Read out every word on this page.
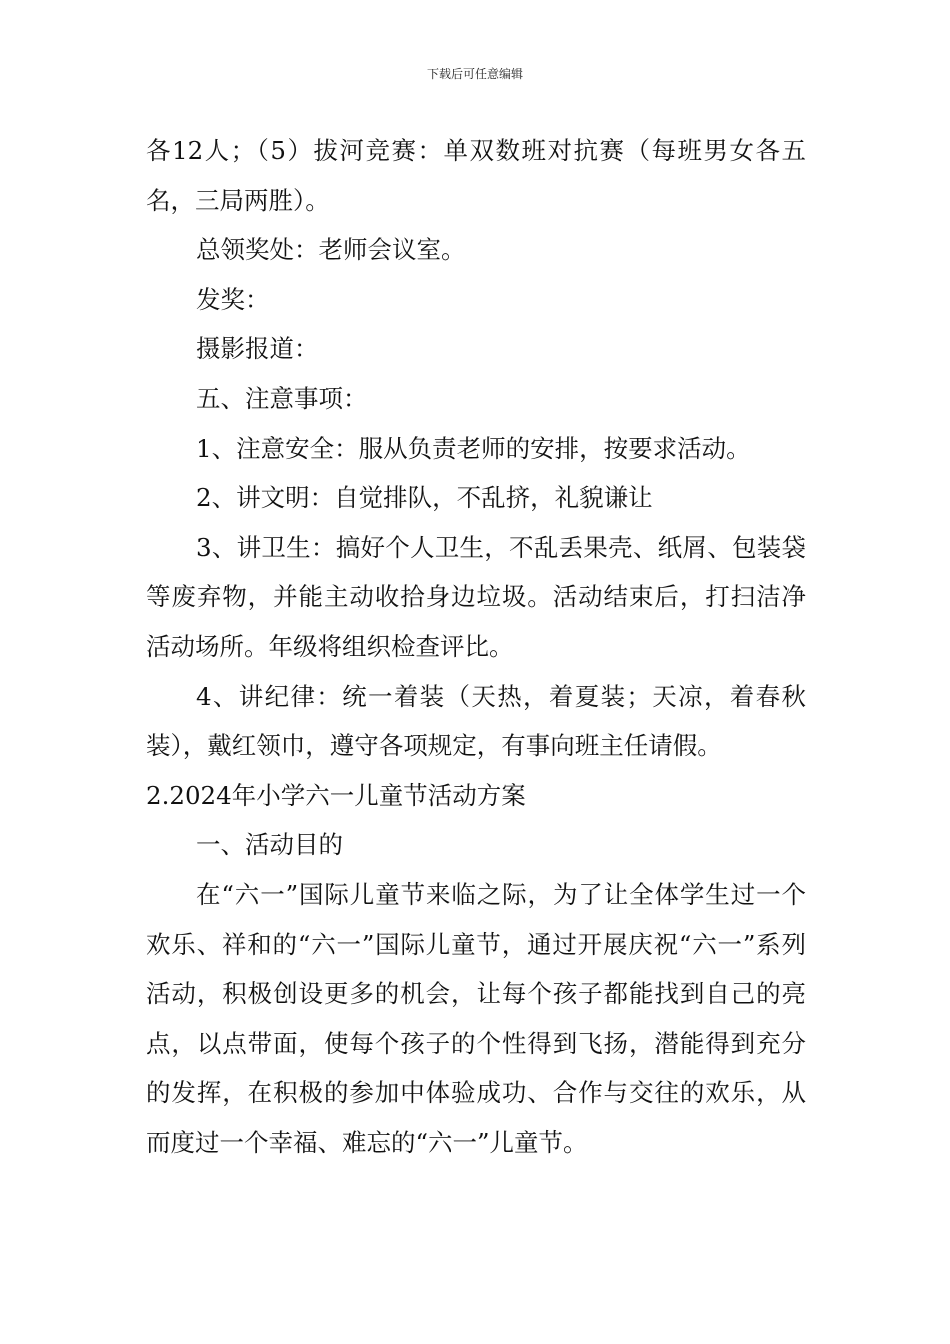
下载后可任意编辑

各12人；（5）拔河竞赛：单双数班对抗赛（每班男女各五名，三局两胜）。

总领奖处：老师会议室。

发奖：

摄影报道：

五、注意事项：

1、注意安全：服从负责老师的安排，按要求活动。

2、讲文明：自觉排队，不乱挤，礼貌谦让

3、讲卫生：搞好个人卫生，不乱丢果壳、纸屑、包装袋等废弃物，并能主动收拾身边垃圾。活动结束后，打扫洁净活动场所。年级将组织检查评比。

4、讲纪律：统一着装（天热，着夏装；天凉，着春秋装），戴红领巾，遵守各项规定，有事向班主任请假。

2.2024年小学六一儿童节活动方案

一、活动目的

在“六一”国际儿童节来临之际，为了让全体学生过一个欢乐、祥和的“六一”国际儿童节，通过开展庆祝“六一”系列活动，积极创设更多的机会，让每个孩子都能找到自己的亮点，以点带面，使每个孩子的个性得到飞扬，潜能得到充分的发挥，在积极的参加中体验成功、合作与交往的欢乐，从而度过一个幸福、难忘的“六一”儿童节。
